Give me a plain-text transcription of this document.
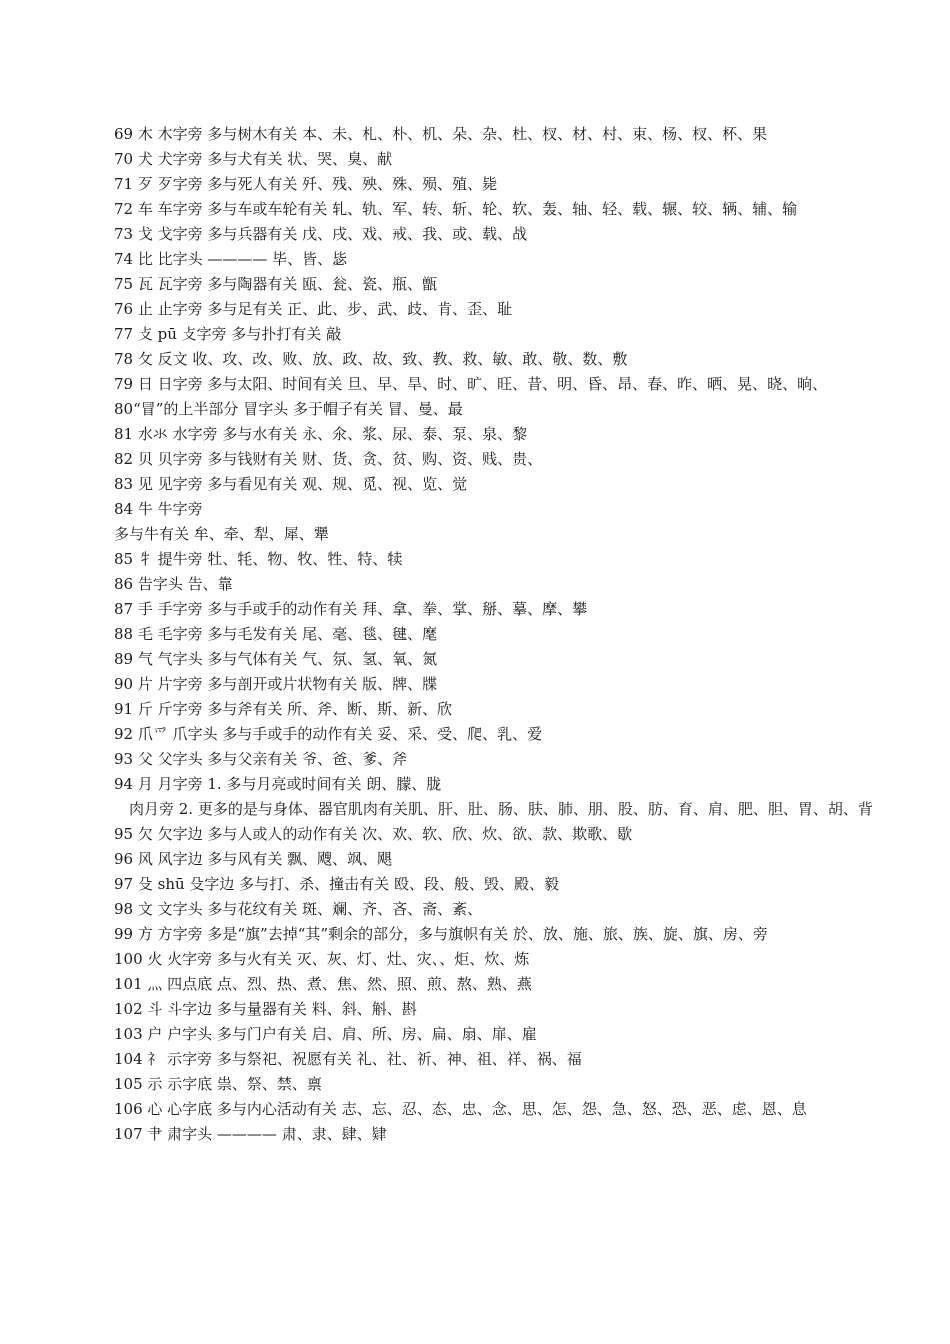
69 木 木字旁 多与树木有关 本、未、札、朴、机、朵、杂、杜、杈、材、村、束、杨、杈、杯、果
70 犬 犬字旁 多与犬有关 状、哭、臭、献
71 歹 歹字旁 多与死人有关 歼、残、殃、殊、殒、殖、毙
72 车 车字旁 多与车或车轮有关 轧、轨、军、转、斩、轮、软、轰、轴、轻、载、辗、较、辆、辅、输
73 戈 戈字旁 多与兵器有关 戊、戌、戏、戒、我、或、载、战
74 比 比字头 ———— 毕、皆、毖
75 瓦 瓦字旁 多与陶器有关 瓯、瓮、瓷、瓶、甑
76 止 止字旁 多与足有关 正、此、步、武、歧、肯、歪、耻
77 攴 pū 攴字旁 多与扑打有关 敲
78 攵 反文 收、攻、改、败、放、政、故、致、教、救、敏、敢、敬、数、敷
79 日 日字旁 多与太阳、时间有关 旦、早、旱、时、旷、旺、昔、明、昏、昂、春、昨、晒、晃、晓、晌、
80“冒”的上半部分 冒字头 多于帽子有关 冒、曼、最
81 水氺 水字旁 多与水有关 永、氽、浆、尿、泰、泵、泉、黎
82 贝 贝字旁 多与钱财有关 财、货、贪、贫、购、资、贱、贵、
83 见 见字旁 多与看见有关 观、规、觅、视、览、觉
84 牛 牛字旁
多与牛有关 牟、牵、犁、犀、犟
85 牜 提牛旁 牡、牦、物、牧、牲、特、犊
86 告字头 告、靠
87 手 手字旁 多与手或手的动作有关 拜、拿、拳、掌、掰、摹、摩、攀
88 毛 毛字旁 多与毛发有关 尾、毫、毯、毽、麾
89 气 气字头 多与气体有关 气、氛、氢、氧、氮
90 片 片字旁 多与剖开或片状物有关 版、牌、牒
91 斤 斤字旁 多与斧有关 所、斧、断、斯、新、欣
92 爪爫 爪字头 多与手或手的动作有关 妥、采、受、爬、乳、爱
93 父 父字头 多与父亲有关 爷、爸、爹、斧
94 月 月字旁 1. 多与月亮或时间有关 朗、朦、胧
　肉月旁 2. 更多的是与身体、器官肌肉有关肌、肝、肚、肠、肤、肺、朋、股、肪、育、肩、肥、胆、胃、胡、背
95 欠 欠字边 多与人或人的动作有关 次、欢、软、欣、炊、欲、款、欺歌、歇
96 风 风字边 多与风有关 飘、飕、飒、飓
97 殳 shū 殳字边 多与打、杀、撞击有关 殴、段、般、毁、殿、毅
98 文 文字头 多与花纹有关 斑、斓、齐、吝、斋、紊、
99 方 方字旁 多是“旗”去掉“其”剩余的部分，多与旗帜有关 於、放、施、旅、族、旋、旗、房、旁
100 火 火字旁 多与火有关 灭、灰、灯、灶、灾、、炬、炊、炼
101 灬 四点底 点、烈、热、煮、焦、然、照、煎、熬、熟、燕
102 斗 斗字边 多与量器有关 料、斜、斛、斟
103 户 户字头 多与门户有关 启、肩、所、房、扁、扇、扉、雇
104 礻 示字旁 多与祭祀、祝愿有关 礼、社、祈、神、祖、祥、祸、福
105 示 示字底 祟、祭、禁、禀
106 心 心字底 多与内心活动有关 志、忘、忍、态、忠、念、思、怎、怨、急、怒、恐、恶、虑、恩、息
107 肀 肃字头 ———— 肃、隶、肆、肄
